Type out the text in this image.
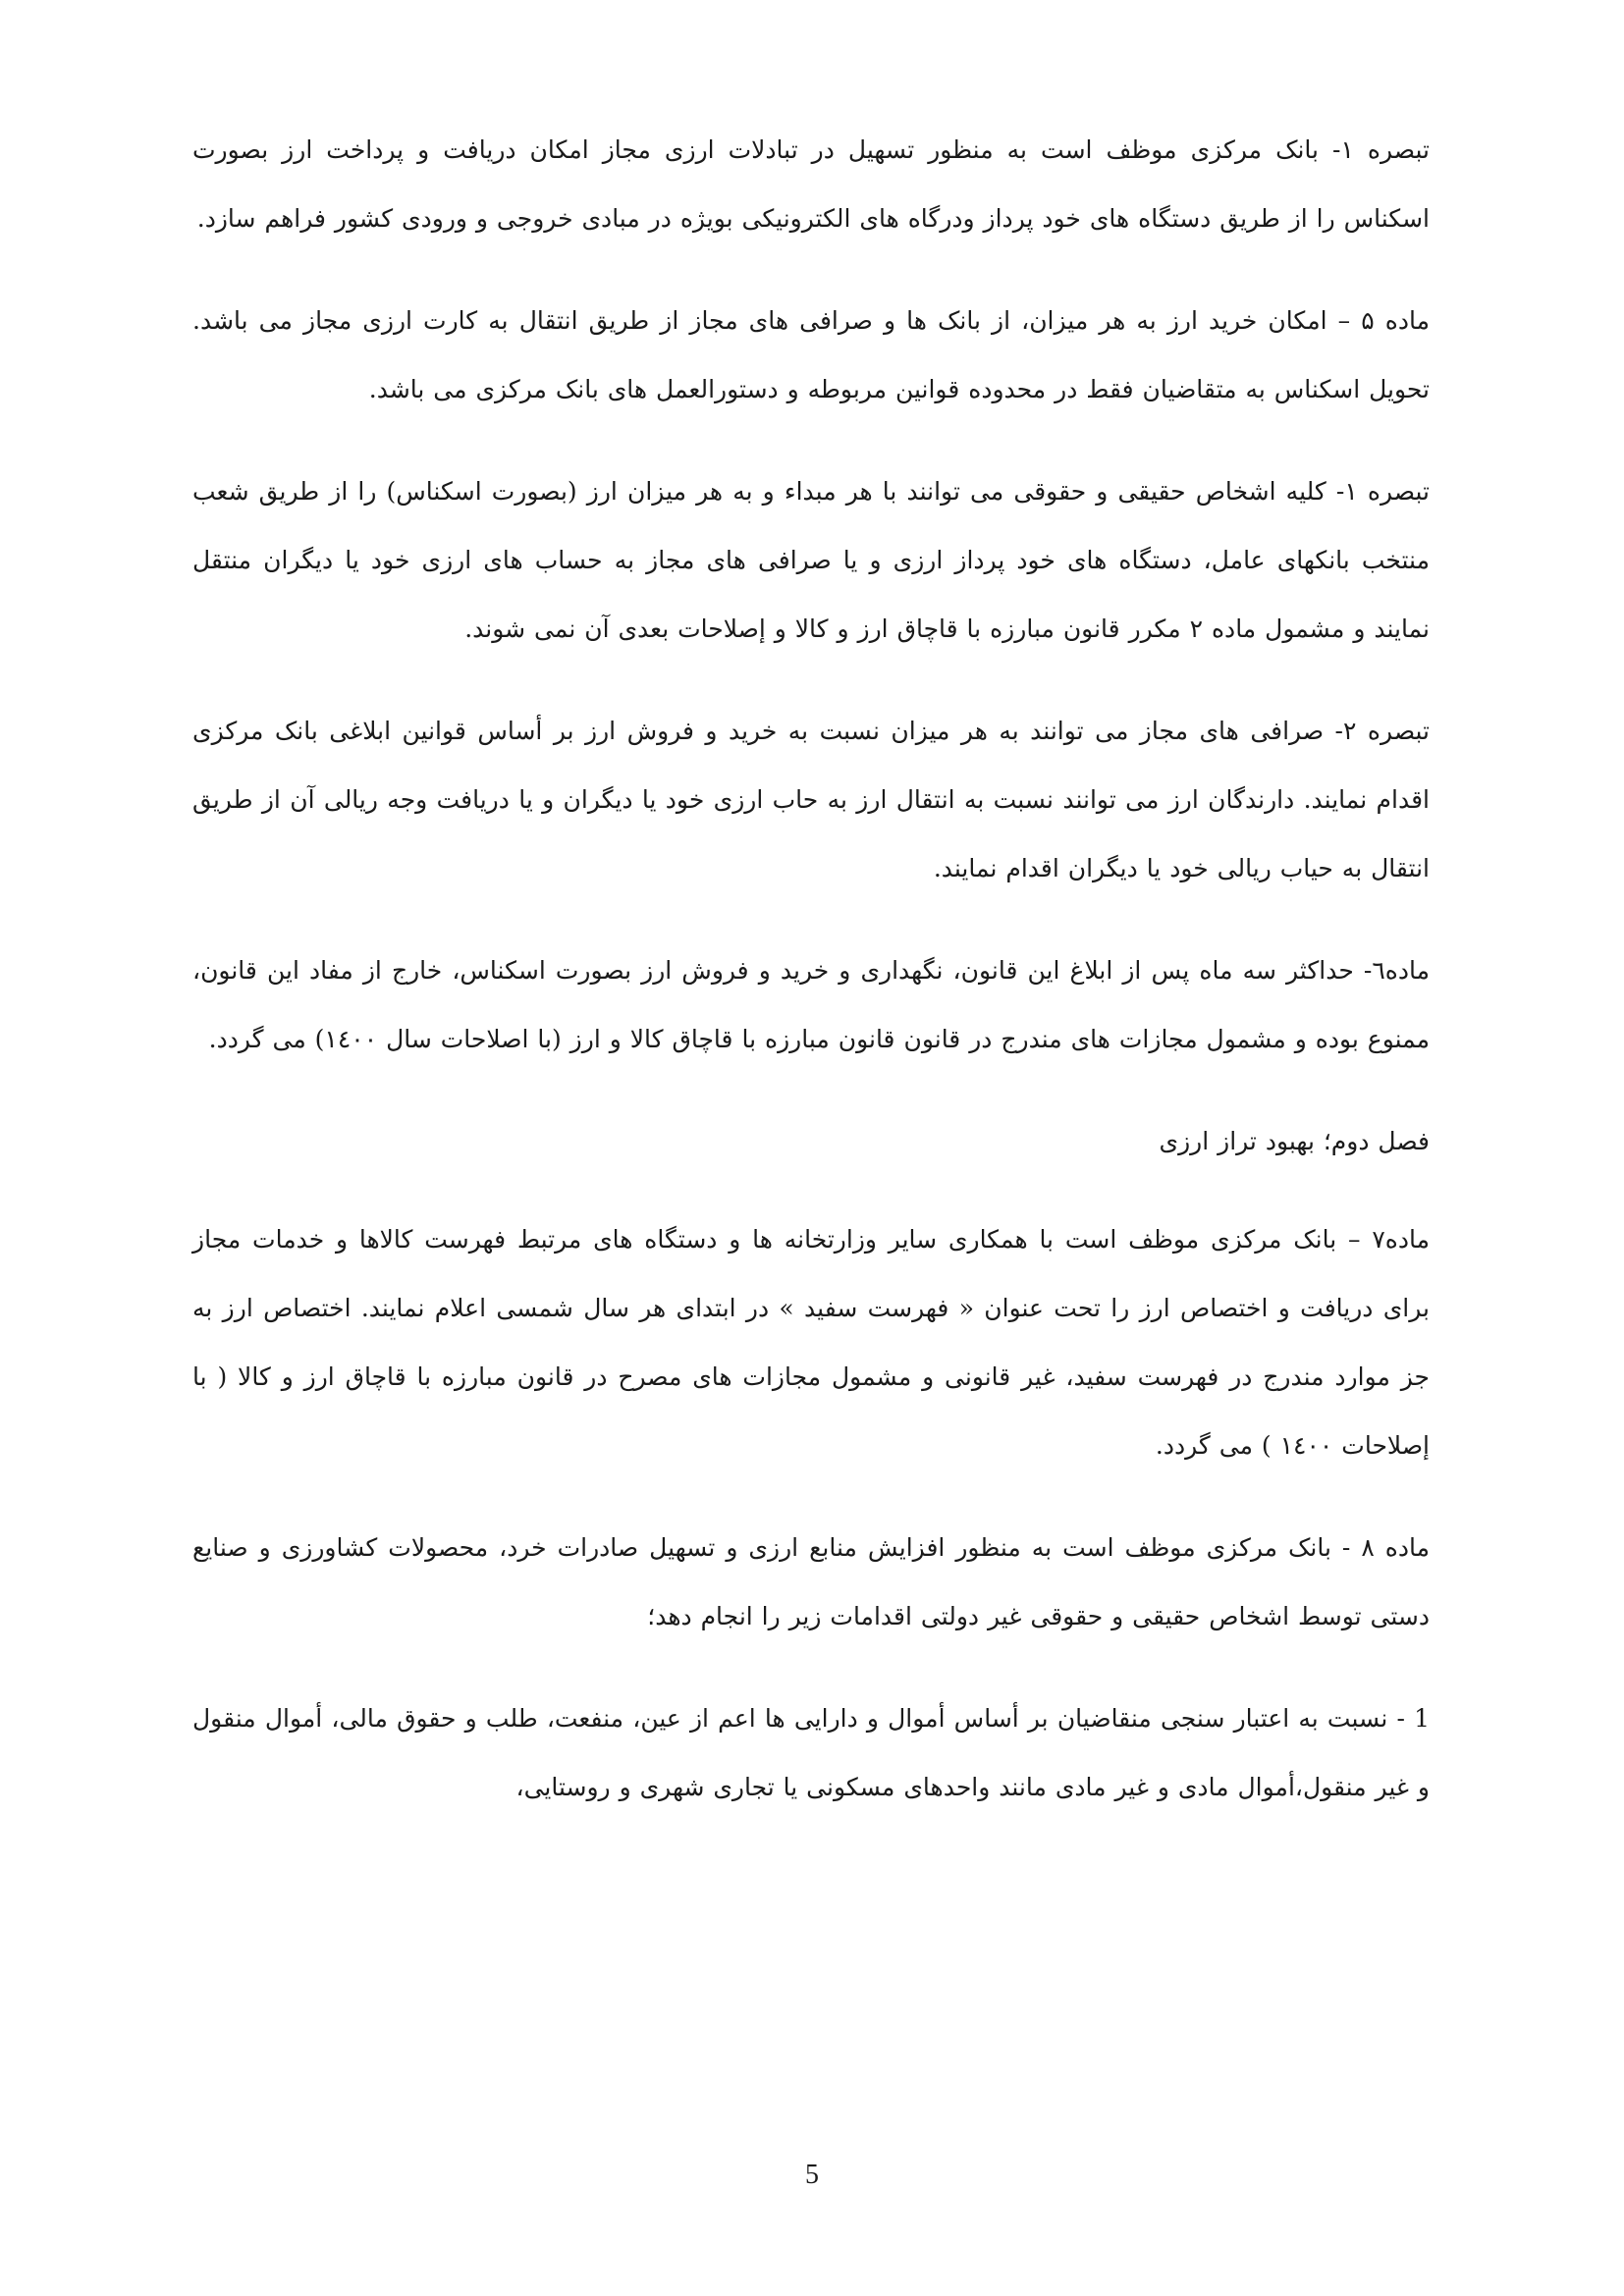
تبصره ۱- بانک مرکزی موظف است به منظور تسهیل در تبادلات ارزی مجاز امکان دریافت و پرداخت ارز بصورت اسکناس را از طریق دستگاه های خود پرداز ودرگاه های الکترونیکی بویژه در مبادی خروجی و ورودی کشور فراهم سازد.

ماده ۵ – امکان خرید ارز به هر میزان، از بانک ها و صرافی های مجاز از طریق انتقال به کارت ارزی مجاز می باشد. تحویل اسکناس به متقاضیان فقط در محدوده قوانین مربوطه و دستورالعمل های بانک مرکزی می باشد.

تبصره ۱- کلیه اشخاص حقیقی و حقوقی می توانند با هر مبداء و به هر میزان ارز (بصورت اسکناس) را از طریق شعب منتخب بانکهای عامل، دستگاه های خود پرداز ارزی و یا صرافی های مجاز به حساب های ارزی خود یا دیگران منتقل نمایند و مشمول ماده ۲ مکرر قانون مبارزه با قاچاق ارز و کالا و إصلاحات بعدی آن نمی شوند.

تبصره ۲- صرافی های مجاز می توانند به هر میزان نسبت به خرید و فروش ارز بر أساس قوانین ابلاغی بانک مرکزی اقدام نمایند. دارندگان ارز می توانند نسبت به انتقال ارز به حاب ارزی خود یا دیگران و یا دریافت وجه ریالی آن از طریق انتقال به حیاب ریالی خود یا دیگران اقدام نمایند.

ماده٦- حداکثر سه ماه پس از ابلاغ این قانون، نگهداری و خرید و فروش ارز بصورت اسکناس، خارج از مفاد این قانون، ممنوع بوده و مشمول مجازات های مندرج در قانون قانون مبارزه با قاچاق کالا و ارز (با اصلاحات سال ۱٤۰۰) می گردد.

فصل دوم؛ بهبود تراز ارزی

ماده۷ – بانک مرکزی موظف است با همکاری سایر وزارتخانه ها و دستگاه های مرتبط فهرست کالاها و خدمات مجاز برای دریافت و اختصاص ارز را تحت عنوان « فهرست سفید » در ابتدای هر سال شمسی اعلام نمایند. اختصاص ارز به جز موارد مندرج در فهرست سفید، غیر قانونی و مشمول مجازات های مصرح در قانون مبارزه با قاچاق ارز و کالا ( با إصلاحات ۱٤۰۰ ) می گردد.

ماده ۸ - بانک مرکزی موظف است به منظور افزایش منابع ارزی و تسهیل صادرات خرد، محصولات کشاورزی و صنایع دستی توسط اشخاص حقیقی و حقوقی غیر دولتی اقدامات زیر را انجام دهد؛

1 - نسبت به اعتبار سنجی منقاضیان بر أساس أموال و دارایی ها اعم از عین، منفعت، طلب و حقوق مالی، أموال منقول و غیر منقول،أموال مادی و غیر مادی مانند واحدهای مسکونی یا تجاری شهری و روستایی،

5
